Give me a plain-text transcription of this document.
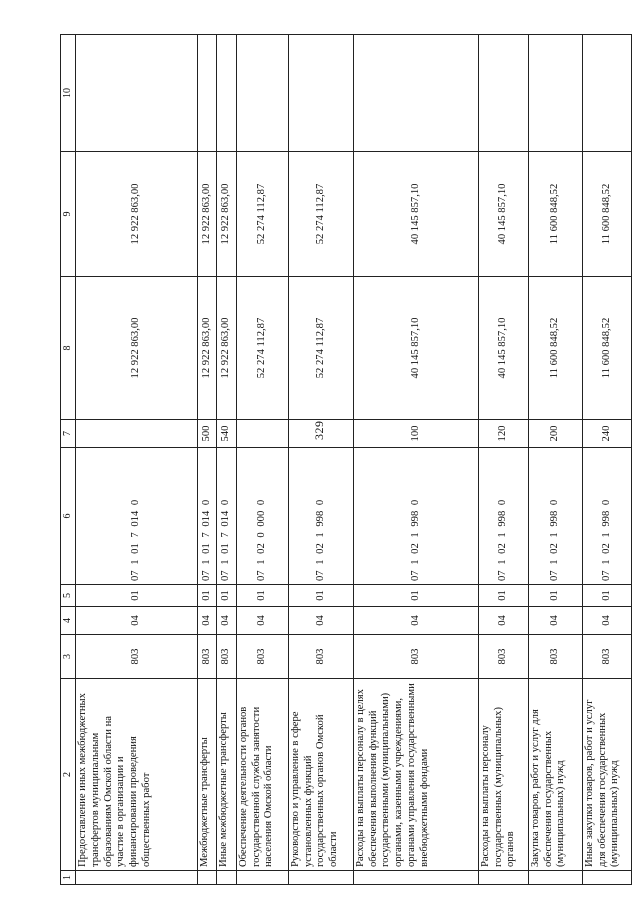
329
1	2	3	4	5	6	7	8	9	10
	Предоставление иных межбюджетных трансфертов муниципальным образованиям Омской области на участие в организации и финансировании проведения общественных работ	803	04	01	07 1 01 7 014 0		12 922 863,00	12 922 863,00	
	Межбюджетные трансферты	803	04	01	07 1 01 7 014 0	500	12 922 863,00	12 922 863,00	
	Иные межбюджетные трансферты	803	04	01	07 1 01 7 014 0	540	12 922 863,00	12 922 863,00	
	Обеспечение деятельности органов государственной службы занятости населения Омской области	803	04	01	07 1 02 0 000 0		52 274 112,87	52 274 112,87	
	Руководство и управление в сфере установленных функций государственных органов Омской области	803	04	01	07 1 02 1 998 0		52 274 112,87	52 274 112,87	
	Расходы на выплаты персоналу в целях обеспечения выполнения функций государственными (муниципальными) органами, казенными учреждениями, органами управления государственными внебюджетными фондами	803	04	01	07 1 02 1 998 0	100	40 145 857,10	40 145 857,10	
	Расходы на выплаты персоналу государственных (муниципальных) органов	803	04	01	07 1 02 1 998 0	120	40 145 857,10	40 145 857,10	
	Закупка товаров, работ и услуг для обеспечения государственных (муниципальных) нужд	803	04	01	07 1 02 1 998 0	200	11 600 848,52	11 600 848,52	
	Иные закупки товаров, работ и услуг для обеспечения государственных (муниципальных) нужд	803	04	01	07 1 02 1 998 0	240	11 600 848,52	11 600 848,52	
